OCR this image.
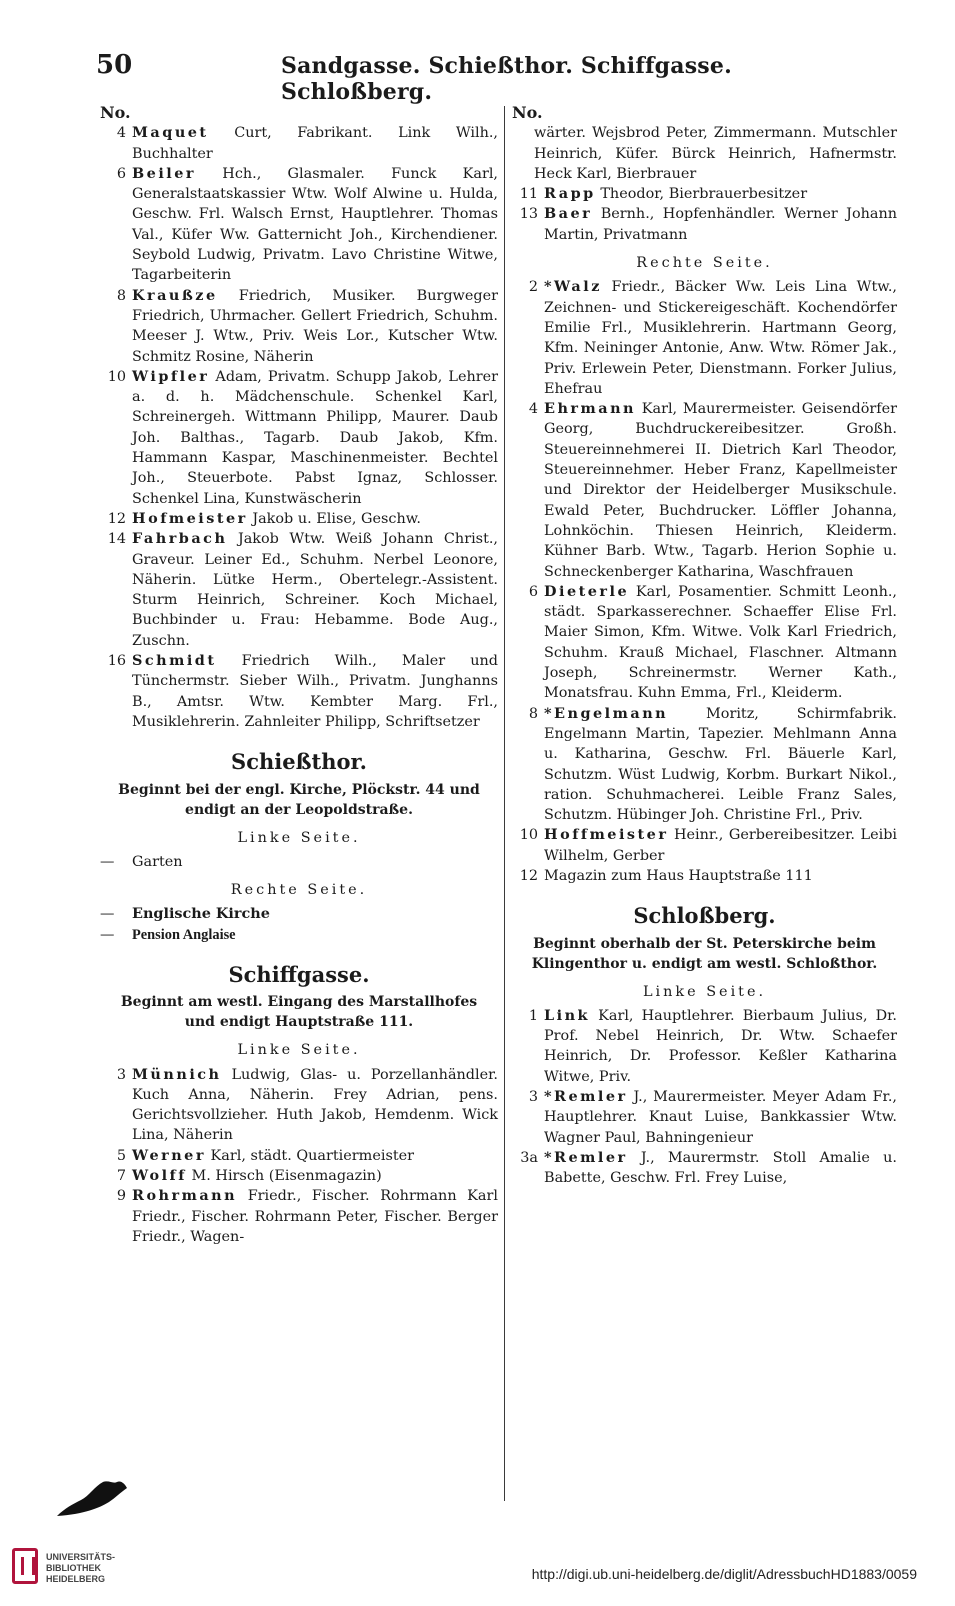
50	Sandgasse. Schießthor. Schiffgasse. Schloßberg.
No.
4 Maquet Curt, Fabrikant. Link Wilh., Buchhalter
6 Beiler Hch., Glasmaler. Funck Karl, Generalstaatskassier Wtw. Wolf Alwine u. Hulda, Geschw. Frl. Walsch Ernst, Hauptlehrer. Thomas Val., Küfer Ww. Gatternicht Joh., Kirchendiener. Seybold Ludwig, Privatm. Lavo Christine Witwe, Tagarbeiterin
8 Kraußze Friedrich, Musiker. Burgweger Friedrich, Uhrmacher. Gellert Friedrich, Schuhm. Meeser J. Wtw., Priv. Weis Lor., Kutscher Wtw. Schmitz Rosine, Näherin
10 Wipfler Adam, Privatm. Schupp Jakob, Lehrer a. d. h. Mädchenschule. Schenkel Karl, Schreinergeh. Wittmann Philipp, Maurer. Daub Joh. Balthas., Tagarb. Daub Jakob, Kfm. Hammann Kaspar, Maschinenmeister. Bechtel Joh., Steuerbote. Pabst Ignaz, Schlosser. Schenkel Lina, Kunstwäscherin
12 Hofmeister Jakob u. Elise, Geschw.
14 Fahrbach Jakob Wtw. Weiß Johann Christ., Graveur. Leiner Ed., Schuhm. Nerbel Leonore, Näherin. Lütke Herm., Obertelegr.-Assistent. Sturm Heinrich, Schreiner. Koch Michael, Buchbinder u. Frau: Hebamme. Bode Aug., Zuschn.
16 Schmidt Friedrich Wilh., Maler und Tünchermstr. Sieber Wilh., Privatm. Junghanns B., Amtsr. Wtw. Kembter Marg. Frl., Musiklehrerin. Zahnleiter Philipp, Schriftsetzer
Schießthor.
Beginnt bei der engl. Kirche, Plöckstr. 44 und endigt an der Leopoldstraße.
Linke Seite.
—	Garten
Rechte Seite.
—	Englische Kirche
—	Pension Anglaise
Schiffgasse.
Beginnt am westl. Eingang des Marstallhofes und endigt Hauptstraße 111.
Linke Seite.
3 Münnich Ludwig, Glas- u. Porzellanhändler. Kuch Anna, Näherin. Frey Adrian, pens. Gerichtsvollzieher. Huth Jakob, Hemdenm. Wick Lina, Näherin
5 Werner Karl, städt. Quartiermeister
7 Wolff M. Hirsch (Eisenmagazin)
9 Rohrmann Friedr., Fischer. Rohrmann Karl Friedr., Fischer. Rohrmann Peter, Fischer. Berger Friedr., Wagen-
No.
wärter. Wejsbrod Peter, Zimmermann. Mutschler Heinrich, Küfer. Bürck Heinrich, Hafnermstr. Heck Karl, Bierbrauer
11 Rapp Theodor, Bierbrauerbesitzer
13 Baer Bernh., Hopfenhändler. Werner Johann Martin, Privatmann
Rechte Seite.
2 *Walz Friedr., Bäcker Ww. Leis Lina Wtw., Zeichnen- und Stickereigeschäft. Kochendörfer Emilie Frl., Musiklehrerin. Hartmann Georg, Kfm. Neininger Antonie, Anw. Wtw. Römer Jak., Priv. Erlewein Peter, Dienstmann. Forker Julius, Ehefrau
4 Ehrmann Karl, Maurermeister. Geisendörfer Georg, Buchdruckereibesitzer. Großh. Steuereinnehmerei II. Dietrich Karl Theodor, Steuereinnehmer. Heber Franz, Kapellmeister und Direktor der Heidelberger Musikschule. Ewald Peter, Buchdrucker. Löffler Johanna, Lohnköchin. Thiesen Heinrich, Kleiderm. Kühner Barb. Wtw., Tagarb. Herion Sophie u. Schneckenberger Katharina, Waschfrauen
6 Dieterle Karl, Posamentier. Schmitt Leonh., städt. Sparkasserechner. Schaeffer Elise Frl. Maier Simon, Kfm. Witwe. Volk Karl Friedrich, Schuhm. Krauß Michael, Flaschner. Altmann Joseph, Schreinermstr. Werner Kath., Monatsfrau. Kuhn Emma, Frl., Kleiderm.
8 *Engelmann	Moritz, Schirmfabrik. Engelmann Martin, Tapezier. Mehlmann Anna u. Katharina, Geschw. Frl. Bäuerle Karl, Schutzm. Wüst Ludwig, Korbm. Burkart Nikol., ration. Schuhmacherei. Leible Franz Sales, Schutzm. Hübinger Joh. Christine Frl., Priv.
10 Hoffmeister Heinr., Gerbereibesitzer. Leibi Wilhelm, Gerber
12 Magazin zum Haus Hauptstraße 111
Schloßberg.
Beginnt oberhalb der St. Peterskirche beim Klingenthor u. endigt am westl. Schloßthor.
Linke Seite.
1 Link Karl, Hauptlehrer. Bierbaum Julius, Dr. Prof. Nebel Heinrich, Dr. Wtw. Schaefer Heinrich, Dr. Professor. Keßler Katharina Witwe, Priv.
3 *Remler J., Maurermeister. Meyer Adam Fr., Hauptlehrer. Knaut Luise, Bankkassier Wtw. Wagner Paul, Bahningenieur
3a *Remler J., Maurermstr. Stoll Amalie u. Babette, Geschw. Frl. Frey Luise,
UNIVERSITÄTS-
BIBLIOTHEK
HEIDELBERG	http://digi.ub.uni-heidelberg.de/diglit/AdressbuchHD1883/0059
